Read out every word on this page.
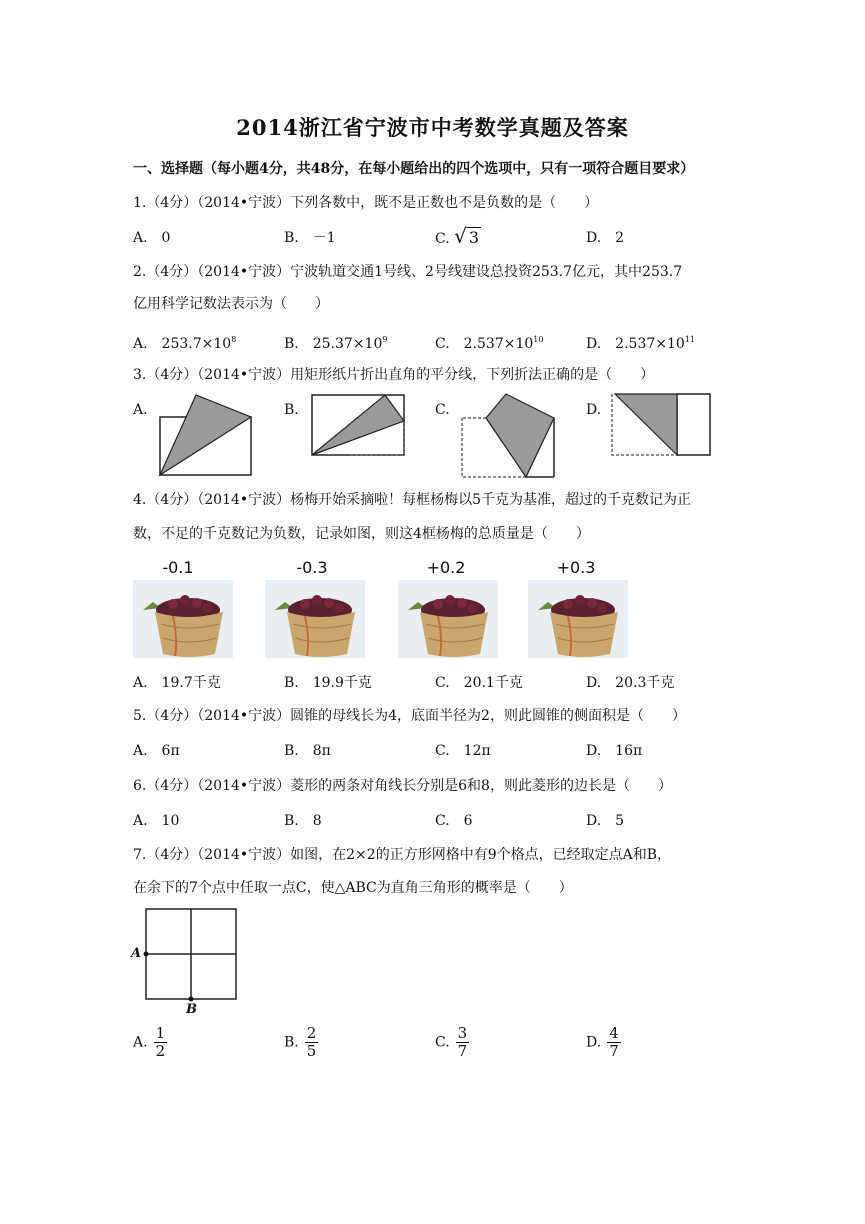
2014浙江省宁波市中考数学真题及答案
一、选择题（每小题4分，共48分，在每小题给出的四个选项中，只有一项符合题目要求）
1.（4分）（2014•宁波）下列各数中，既不是正数也不是负数的是（　　）
A.　0	B.　－1	C. √ 3	D.　2
2.（4分）（2014•宁波）宁波轨道交通1号线、2号线建设总投资253.7亿元，其中253.7
亿用科学记数法表示为（　　）
A.　$253.7\times 10^8$	B.　$25.37\times 10^9$	C.　$2.537\times 10^{10}$	D.　$2.537\times 10^{11}$
3.（4分）（2014•宁波）用矩形纸片折出直角的平分线，下列折法正确的是（　　）
A.	B.	C.	D.
4.（4分）（2014•宁波）杨梅开始采摘啦！每框杨梅以5千克为基准，超过的千克数记为正
数，不足的千克数记为负数，记录如图，则这4框杨梅的总质量是（　　）
-0.1	-0.3	+0.2	+0.3
A.　19.7千克	B.　19.9千克	C.　20.1千克	D.　20.3千克
5.（4分）（2014•宁波）圆锥的母线长为4，底面半径为2，则此圆锥的侧面积是（　　）
A.　6π	B.　8π	C.　12π	D.　16π
6.（4分）（2014•宁波）菱形的两条对角线长分别是6和8，则此菱形的边长是（　　）
A.　10	B.　8	C.　6	D.　5
7.（4分）（2014•宁波）如图，在2×2的正方形网格中有9个格点，已经取定点A和B，
在余下的7个点中任取一点C，使△ABC为直角三角形的概率是（　　）
A
B
A. $\frac{1}{2}$	B. $\frac{2}{5}$	C. $\frac{3}{7}$	D. $\frac{4}{7}$
